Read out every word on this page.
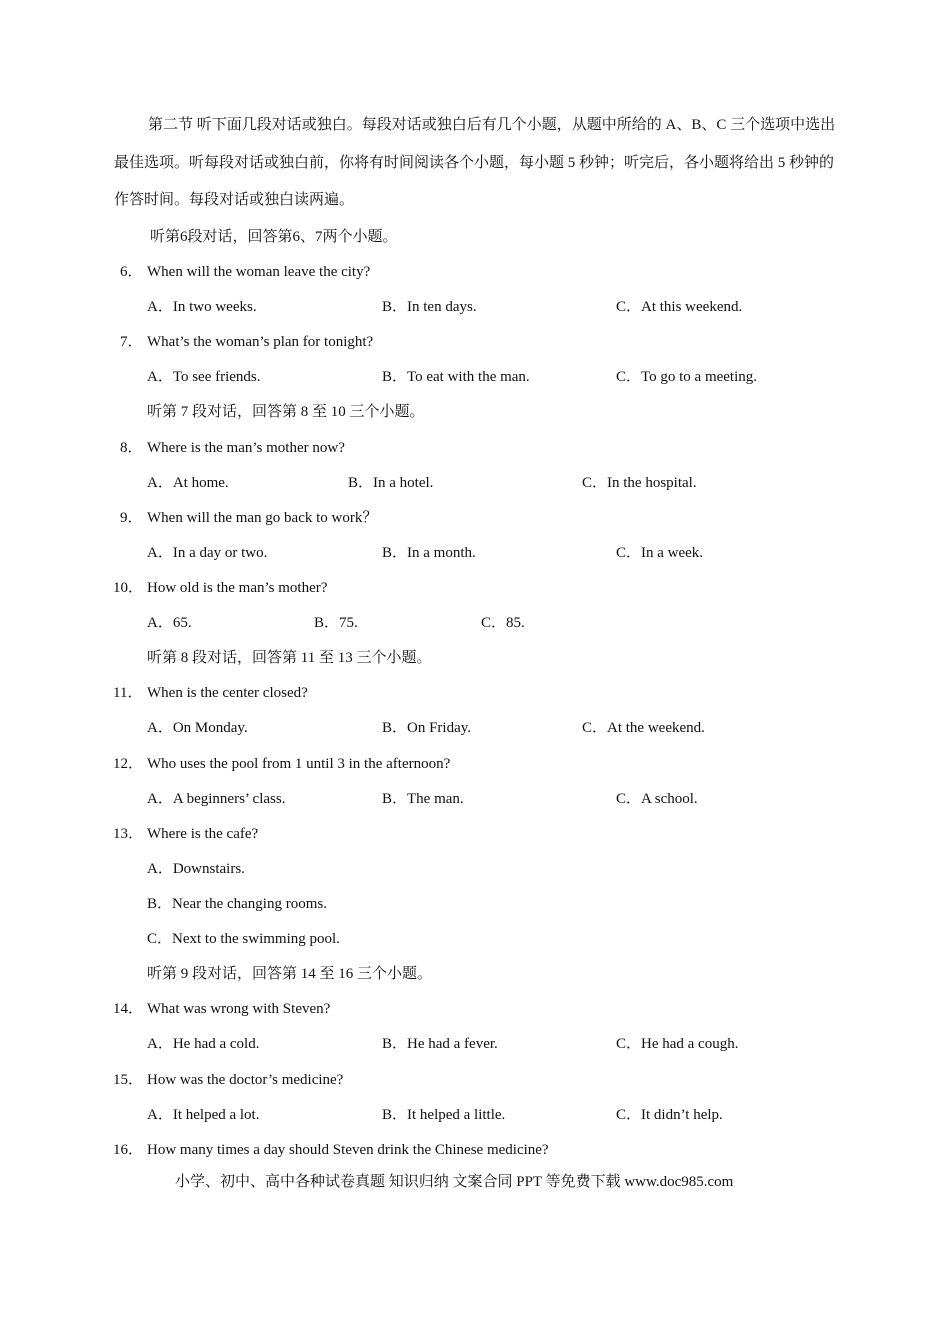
第二节 听下面几段对话或独白。每段对话或独白后有几个小题，从题中所给的 A、B、C 三个选项中选出最佳选项。听每段对话或独白前，你将有时间阅读各个小题，每小题 5 秒钟；听完后，各小题将给出 5 秒钟的作答时间。每段对话或独白读两遍。
听第6段对话，回答第6、7两个小题。
6． When will the woman leave the city?
A．In two weeks.	B．In ten days.	C．At this weekend.
7． What’s the woman’s plan for tonight?
A．To see friends.	B．To eat with the man.	C．To go to a meeting.
听第 7 段对话，回答第 8 至 10 三个小题。
8． Where is the man’s mother now?
A．At home.	B．In a hotel.	C．In the hospital.
9． When will the man go back to work？
A．In a day or two.	B．In a month.	C．In a week.
10． How old is the man’s mother?
A．65.	B．75.	C．85.
听第 8 段对话，回答第 11 至 13 三个小题。
11． When is the center closed?
A．On Monday.	B．On Friday.	C．At the weekend.
12． Who uses the pool from 1 until 3 in the afternoon?
A．A beginners’ class.	B．The man.	C．A school.
13． Where is the cafe?
A．Downstairs.
B．Near the changing rooms.
C．Next to the swimming pool.
听第 9 段对话，回答第 14 至 16 三个小题。
14． What was wrong with Steven?
A．He had a cold.	B．He had a fever.	C．He had a cough.
15． How was the doctor’s medicine?
A．It helped a lot.	B．It helped a little.	C．It didn’t help.
16． How many times a day should Steven drink the Chinese medicine?
小学、初中、高中各种试卷真题 知识归纳 文案合同 PPT 等免费下载 www.doc985.com
